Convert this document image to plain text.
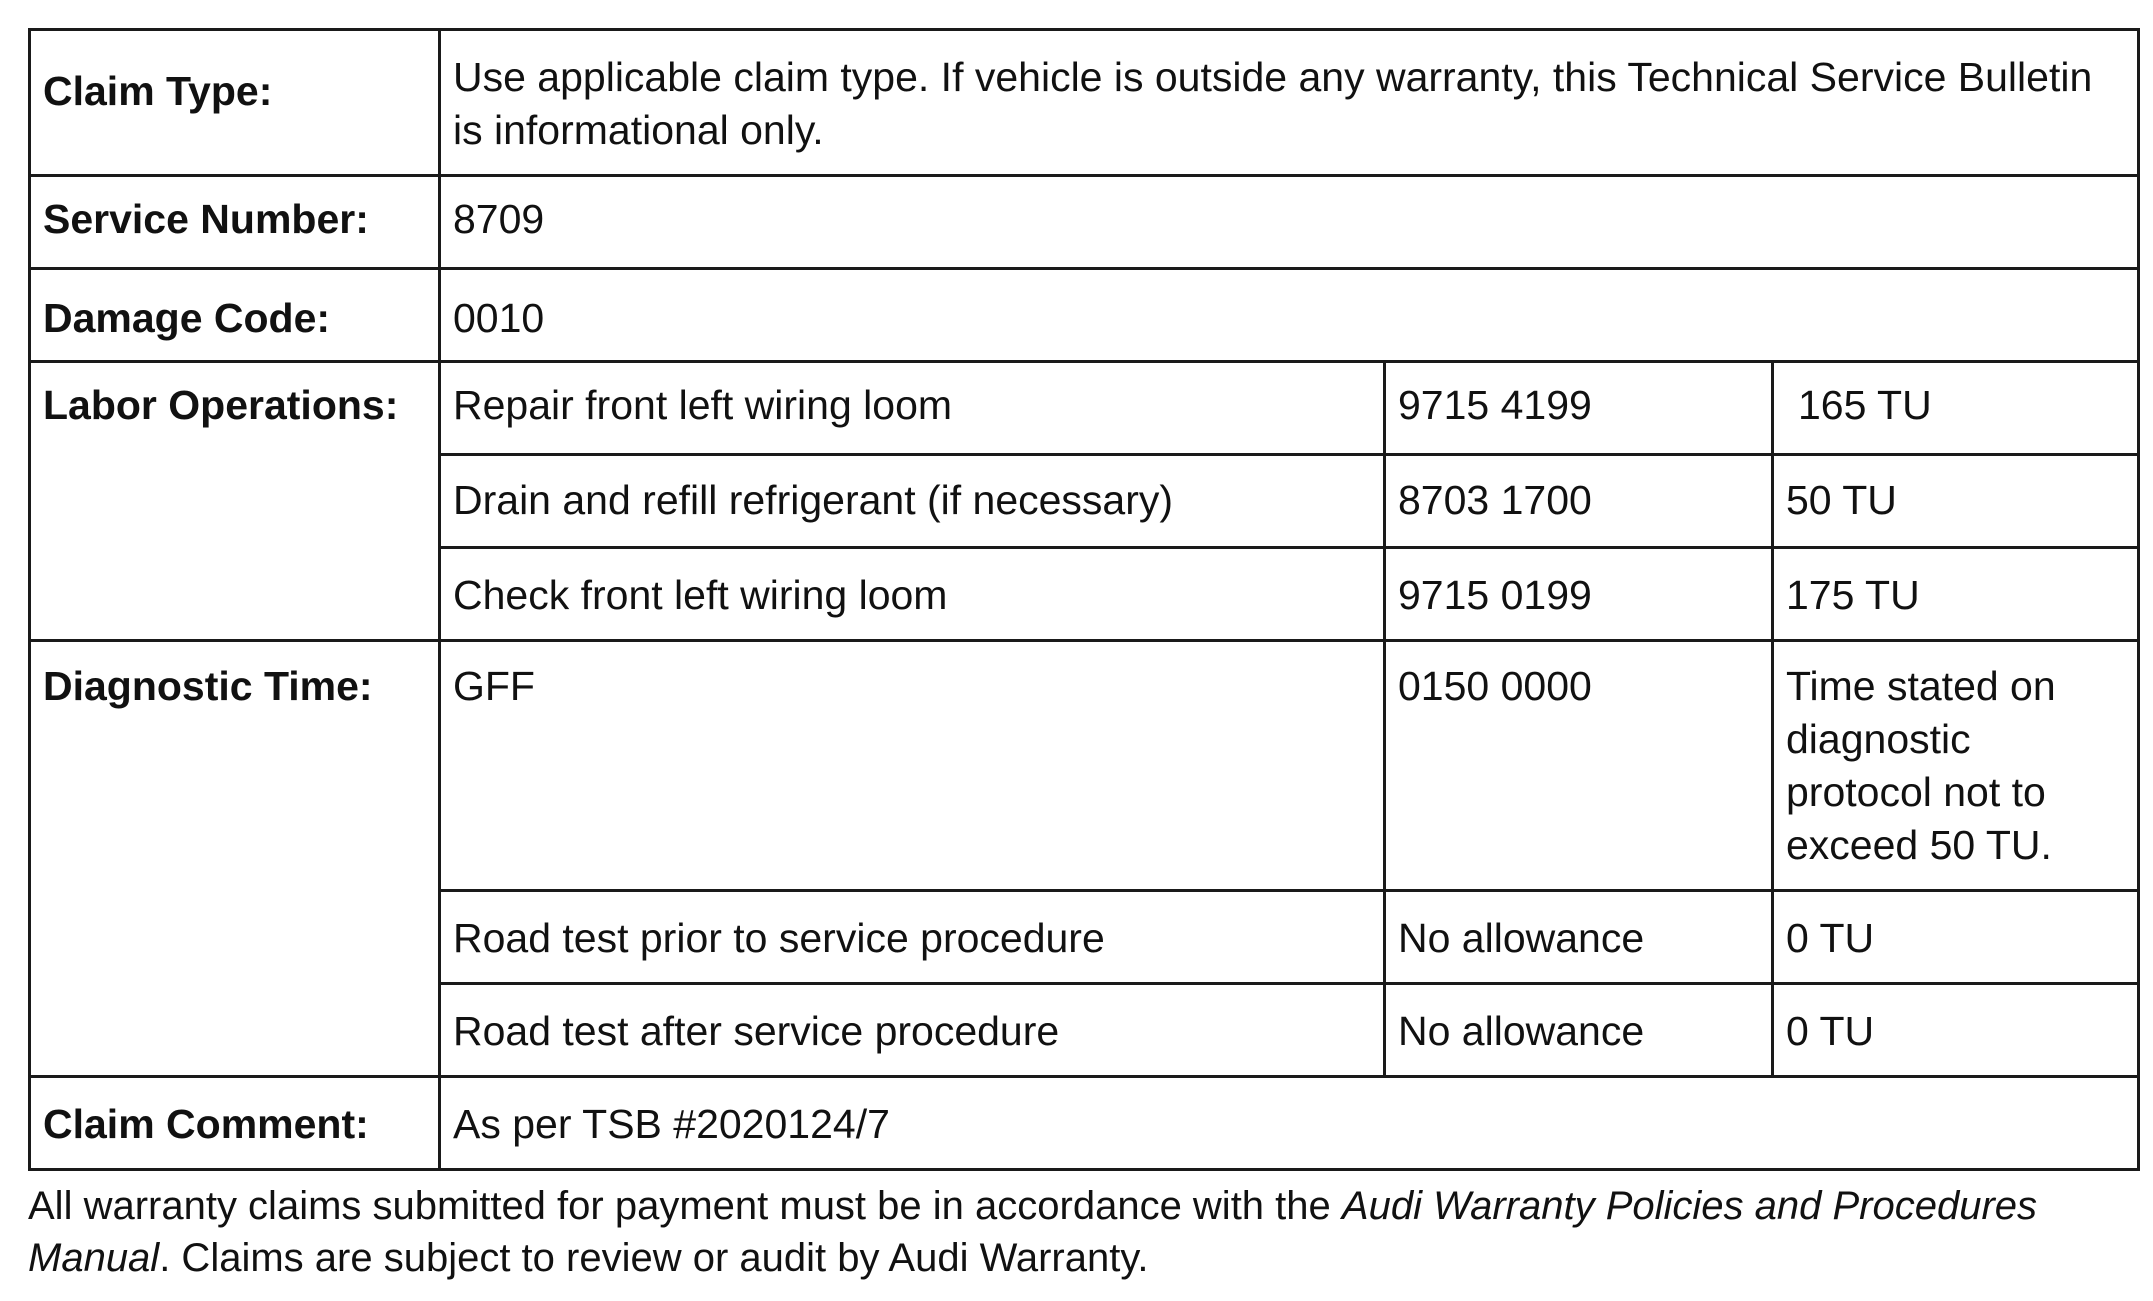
Claim Type:	Use applicable claim type. If vehicle is outside any warranty, this Technical Service Bulletin is informational only.		
Service Number:	8709		
Damage Code:	0010		
Labor Operations:	Repair front left wiring loom	9715 4199	165 TU
	Drain and refill refrigerant (if necessary)	8703 1700	50 TU
	Check front left wiring loom	9715 0199	175 TU
Diagnostic Time:	GFF	0150 0000	Time stated on diagnostic protocol not to exceed 50 TU.
	Road test prior to service procedure	No allowance	0 TU
	Road test after service procedure	No allowance	0 TU
Claim Comment:	As per TSB #2020124/7		
All warranty claims submitted for payment must be in accordance with the Audi Warranty Policies and Procedures Manual. Claims are subject to review or audit by Audi Warranty.
